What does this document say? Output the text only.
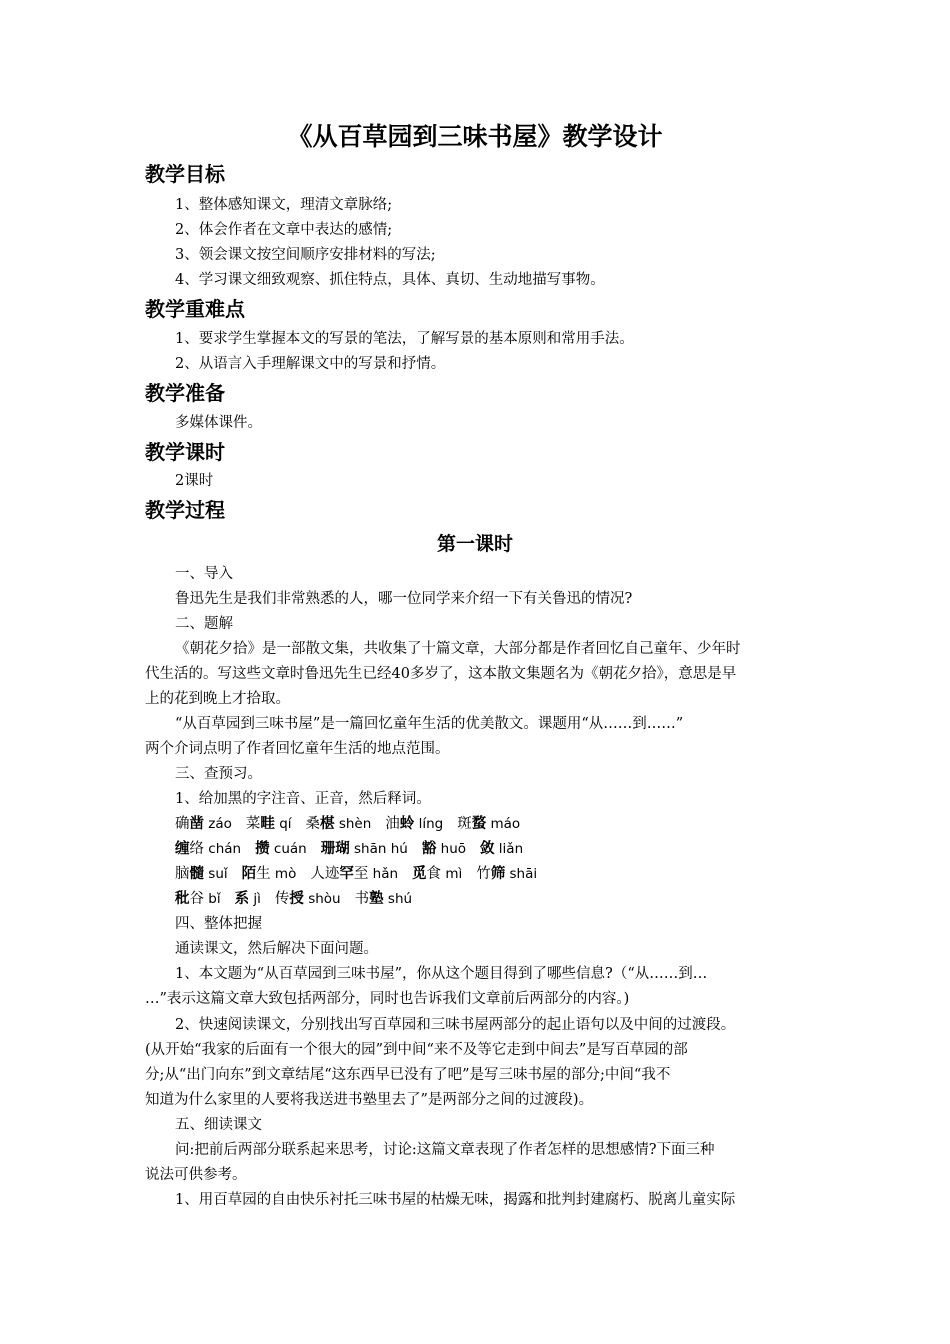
《从百草园到三味书屋》教学设计
教学目标
1、整体感知课文，理清文章脉络;
2、体会作者在文章中表达的感情;
3、领会课文按空间顺序安排材料的写法;
4、学习课文细致观察、抓住特点，具体、真切、生动地描写事物。
教学重难点
1、要求学生掌握本文的写景的笔法，了解写景的基本原则和常用手法。
2、从语言入手理解课文中的写景和抒情。
教学准备
多媒体课件。
教学课时
2课时
教学过程
第一课时
一、导入
鲁迅先生是我们非常熟悉的人，哪一位同学来介绍一下有关鲁迅的情况?
二、题解
《朝花夕拾》是一部散文集，共收集了十篇文章，大部分都是作者回忆自己童年、少年时
代生活的。写这些文章时鲁迅先生已经40多岁了，这本散文集题名为《朝花夕拾》，意思是早
上的花到晚上才拾取。
“从百草园到三味书屋”是一篇回忆童年生活的优美散文。课题用“从……到……”
两个介词点明了作者回忆童年生活的地点范围。
三、查预习。
1、给加黑的字注音、正音，然后释词。
确凿 záo 菜畦 qí 桑椹 shèn 油蛉 líng 斑蝥 máo
缠络 chán 攒 cuán 珊瑚 shān hú 豁 huō 敛 liǎn
脑髓 suǐ 陌生 mò 人迹罕至 hǎn 觅食 mì 竹筛 shāi
秕谷 bǐ 系 jì 传授 shòu 书塾 shú
四、整体把握
通读课文，然后解决下面问题。
1、本文题为“从百草园到三味书屋”，你从这个题目得到了哪些信息?（“从……到…
…”表示这篇文章大致包括两部分，同时也告诉我们文章前后两部分的内容。)
2、快速阅读课文，分别找出写百草园和三味书屋两部分的起止语句以及中间的过渡段。
(从开始“我家的后面有一个很大的园”到中间“来不及等它走到中间去”是写百草园的部
分;从“出门向东”到文章结尾“这东西早已没有了吧”是写三味书屋的部分;中间“我不
知道为什么家里的人要将我送进书塾里去了”是两部分之间的过渡段)。
五、细读课文
问:把前后两部分联系起来思考，讨论:这篇文章表现了作者怎样的思想感情?下面三种
说法可供参考。
1、用百草园的自由快乐衬托三味书屋的枯燥无味，揭露和批判封建腐朽、脱离儿童实际
